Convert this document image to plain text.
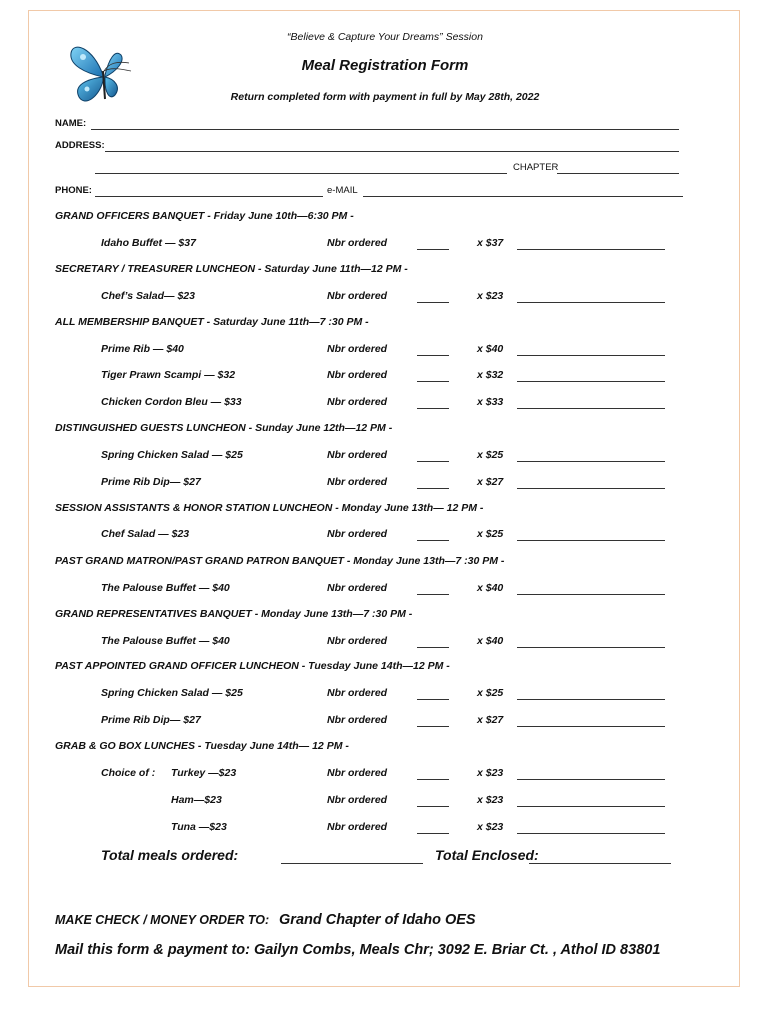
“Believe & Capture Your Dreams” Session
Meal Registration Form
Return completed form with payment in full by May 28th, 2022
NAME:
ADDRESS:
CHAPTER
PHONE:	e-MAIL
GRAND OFFICERS BANQUET - Friday June 10th—6:30 PM -
Idaho Buffet — $37	Nbr ordered	x $37
SECRETARY / TREASURER LUNCHEON - Saturday June 11th—12 PM -
Chef’s Salad— $23	Nbr ordered	x $23
ALL MEMBERSHIP BANQUET - Saturday June 11th—7 :30 PM -
Prime Rib — $40	Nbr ordered	x $40
Tiger Prawn Scampi — $32	Nbr ordered	x $32
Chicken Cordon Bleu — $33	Nbr ordered	x $33
DISTINGUISHED GUESTS LUNCHEON - Sunday June 12th—12 PM -
Spring Chicken Salad — $25	Nbr ordered	x $25
Prime Rib Dip— $27	Nbr ordered	x $27
SESSION ASSISTANTS & HONOR STATION LUNCHEON - Monday June 13th— 12 PM -
Chef Salad — $23	Nbr ordered	x $25
PAST GRAND MATRON/PAST GRAND PATRON BANQUET - Monday June 13th—7 :30 PM -
The Palouse Buffet — $40	Nbr ordered	x $40
GRAND REPRESENTATIVES BANQUET - Monday June 13th—7 :30 PM -
The Palouse Buffet — $40	Nbr ordered	x $40
PAST APPOINTED GRAND OFFICER LUNCHEON - Tuesday June 14th—12 PM -
Spring Chicken Salad — $25	Nbr ordered	x $25
Prime Rib Dip— $27	Nbr ordered	x $27
GRAB & GO BOX LUNCHES - Tuesday June 14th— 12 PM -
Choice of : Turkey —$23	Nbr ordered	x $23
Ham—$23	Nbr ordered	x $23
Tuna —$23	Nbr ordered	x $23
Total meals ordered:	Total Enclosed:
MAKE CHECK / MONEY ORDER TO: Grand Chapter of Idaho OES
Mail this form & payment to: Gailyn Combs, Meals Chr; 3092 E. Briar Ct. , Athol ID 83801
